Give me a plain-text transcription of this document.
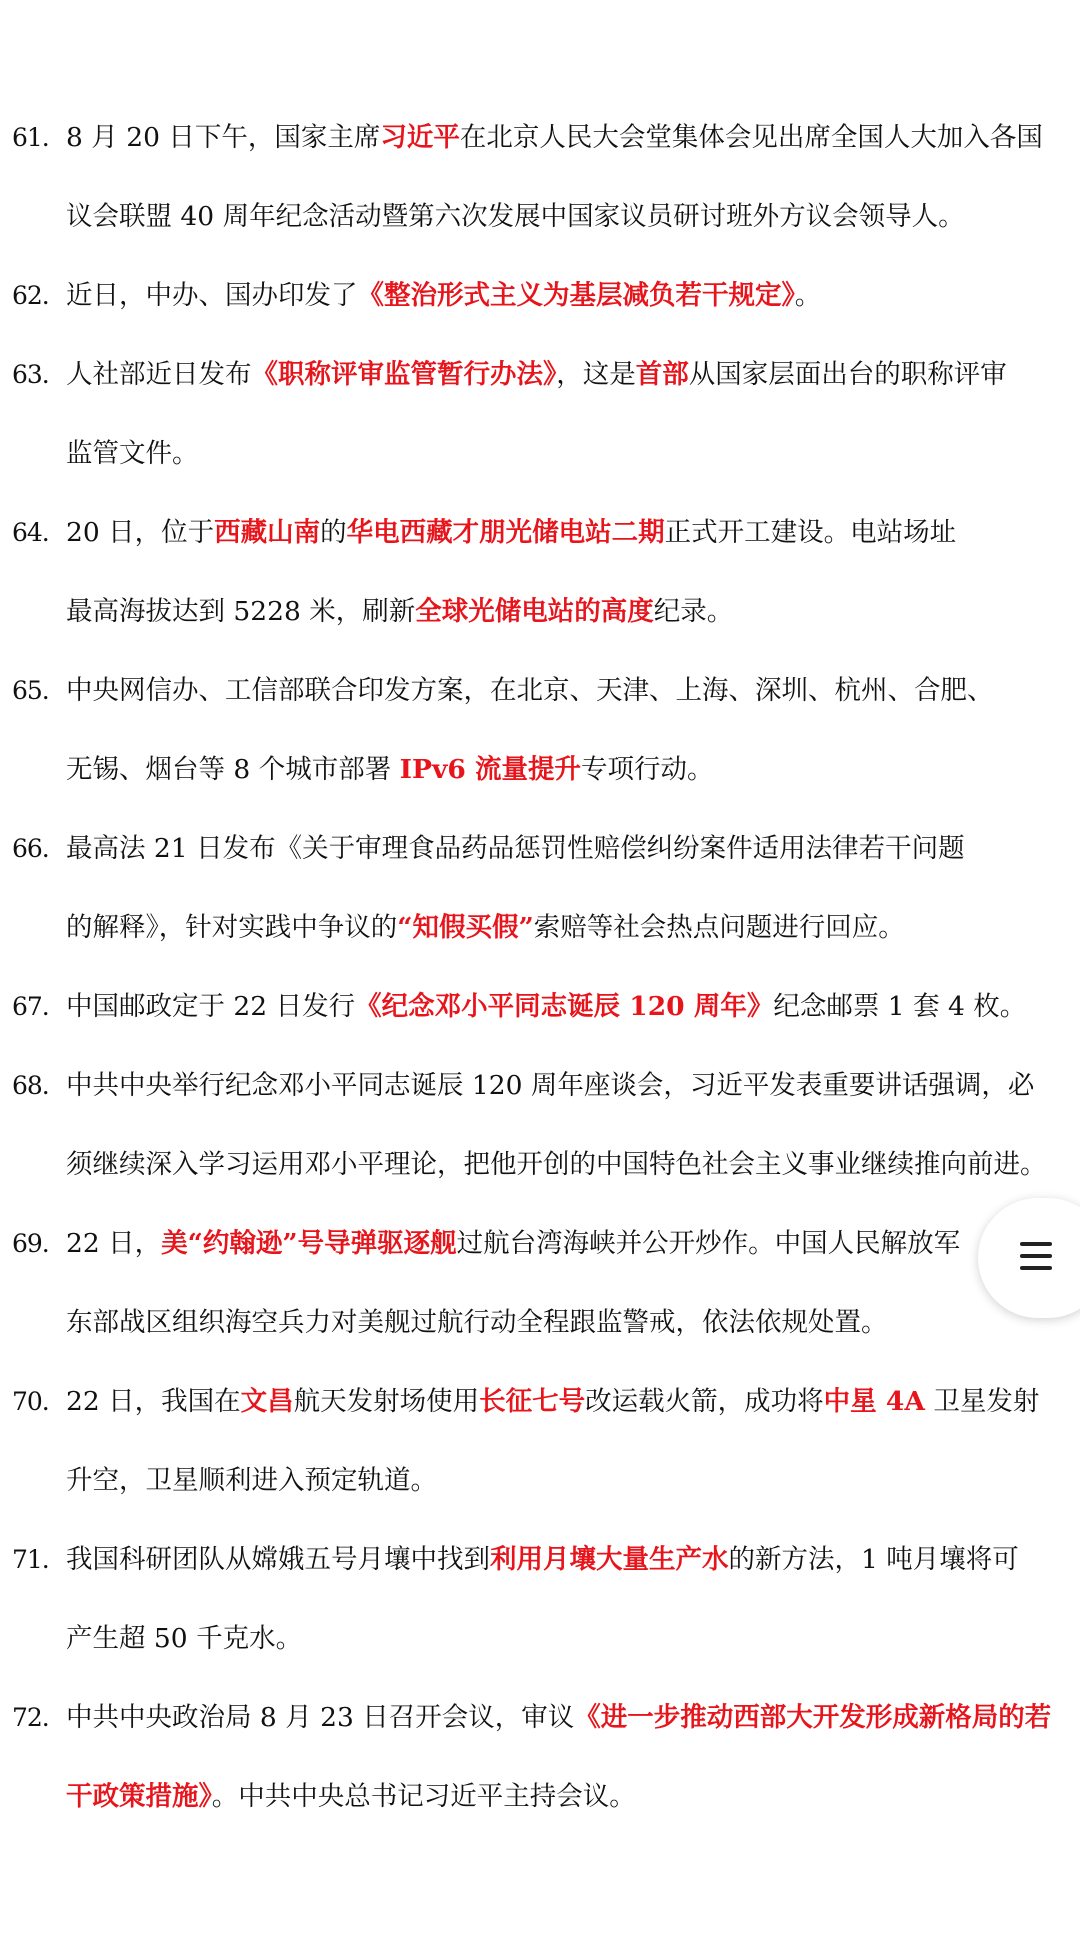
61. 8 月 20 日下午，国家主席习近平在北京人民大会堂集体会见出席全国人大加入各国
议会联盟 40 周年纪念活动暨第六次发展中国家议员研讨班外方议会领导人。
62. 近日，中办、国办印发了《整治形式主义为基层减负若干规定》。
63. 人社部近日发布《职称评审监管暂行办法》，这是首部从国家层面出台的职称评审
监管文件。
64. 20 日，位于西藏山南的华电西藏才朋光储电站二期正式开工建设。电站场址
最高海拔达到 5228 米，刷新全球光储电站的高度纪录。
65. 中央网信办、工信部联合印发方案，在北京、天津、上海、深圳、杭州、合肥、
无锡、烟台等 8 个城市部署 IPv6 流量提升专项行动。
66. 最高法 21 日发布《关于审理食品药品惩罚性赔偿纠纷案件适用法律若干问题
的解释》，针对实践中争议的“知假买假”索赔等社会热点问题进行回应。
67. 中国邮政定于 22 日发行《纪念邓小平同志诞辰 120 周年》纪念邮票 1 套 4 枚。
68. 中共中央举行纪念邓小平同志诞辰 120 周年座谈会，习近平发表重要讲话强调，必
须继续深入学习运用邓小平理论，把他开创的中国特色社会主义事业继续推向前进。
69. 22 日，美“约翰逊”号导弹驱逐舰过航台湾海峡并公开炒作。中国人民解放军
东部战区组织海空兵力对美舰过航行动全程跟监警戒，依法依规处置。
70. 22 日，我国在文昌航天发射场使用长征七号改运载火箭，成功将中星 4A 卫星发射
升空，卫星顺利进入预定轨道。
71. 我国科研团队从嫦娥五号月壤中找到利用月壤大量生产水的新方法，1 吨月壤将可
产生超 50 千克水。
72. 中共中央政治局 8 月 23 日召开会议，审议《进一步推动西部大开发形成新格局的若
干政策措施》。中共中央总书记习近平主持会议。
